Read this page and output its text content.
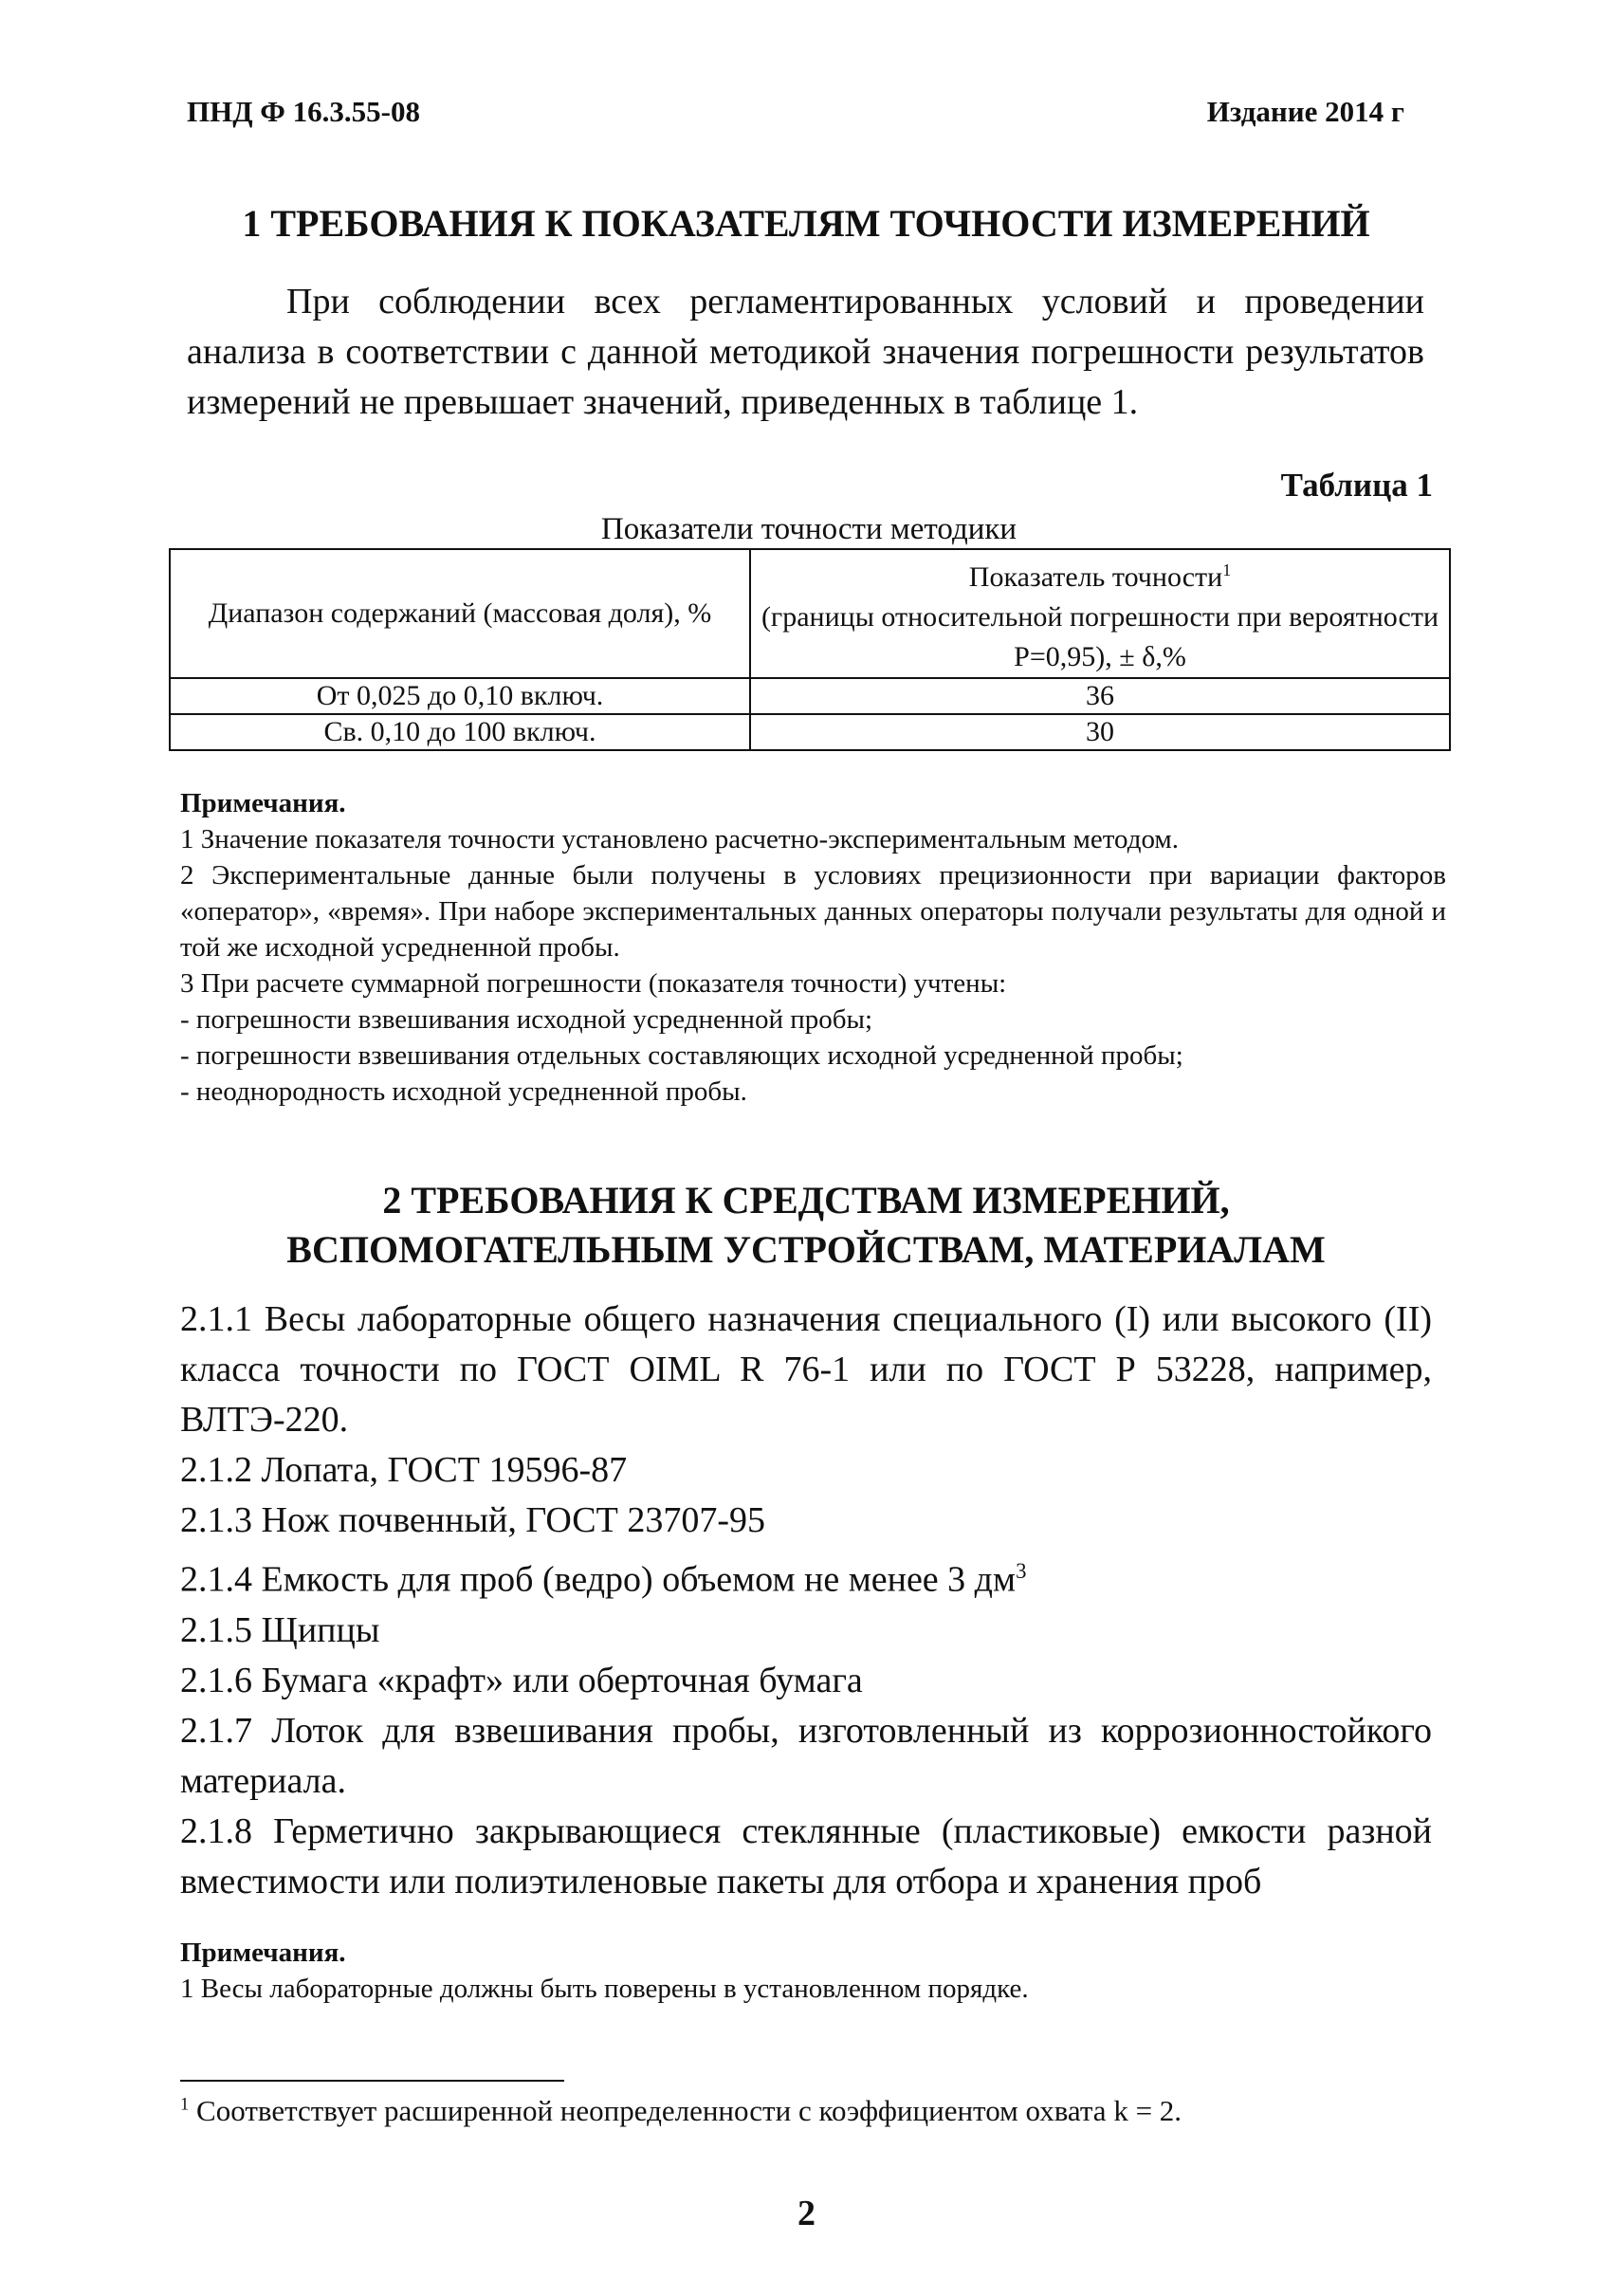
ПНД Ф 16.3.55-08	Издание 2014 г
1 ТРЕБОВАНИЯ К ПОКАЗАТЕЛЯМ ТОЧНОСТИ ИЗМЕРЕНИЙ
При соблюдении всех регламентированных условий и проведении анализа в соответствии с данной методикой значения погрешности результатов измерений не превышает значений, приведенных в таблице 1.
Таблица 1
Показатели точности методики
Диапазон содержаний (массовая доля), %	Показатель точности$^1$
(границы относительной погрешности при вероятности P=0,95), ± δ,%
От 0,025 до 0,10 включ.	36
Св. 0,10 до 100 включ.	30

Примечания.

1 Значение показателя точности установлено расчетно-экспериментальным методом.

2 Экспериментальные данные были получены в условиях прецизионности при вариации факторов «оператор», «время». При наборе экспериментальных данных операторы получали результаты для одной и той же исходной усредненной пробы.

3 При расчете суммарной погрешности (показателя точности) учтены:

- погрешности взвешивания исходной усредненной пробы;

- погрешности взвешивания отдельных составляющих исходной усредненной пробы;

- неоднородность исходной усредненной пробы.

2 ТРЕБОВАНИЯ К СРЕДСТВАМ ИЗМЕРЕНИЙ,
ВСПОМОГАТЕЛЬНЫМ УСТРОЙСТВАМ, МАТЕРИАЛАМ

2.1.1 Весы лабораторные общего назначения специального (I) или высокого (II) класса точности по ГОСТ OIML R 76-1 или по ГОСТ Р 53228, например, ВЛТЭ-220.

2.1.2 Лопата, ГОСТ 19596-87

2.1.3 Нож почвенный, ГОСТ 23707-95

2.1.4 Емкость для проб (ведро) объемом не менее 3 $дм^3$

2.1.5 Щипцы

2.1.6 Бумага «крафт» или оберточная бумага

2.1.7 Лоток для взвешивания пробы, изготовленный из коррозионностойкого материала.

2.1.8 Герметично закрывающиеся стеклянные (пластиковые) емкости разной вместимости или полиэтиленовые пакеты для отбора и хранения проб

Примечания.

1 Весы лабораторные должны быть поверены в установленном порядке.

$^1$ Соответствует расширенной неопределенности с коэффициентом охвата k = 2.
2
